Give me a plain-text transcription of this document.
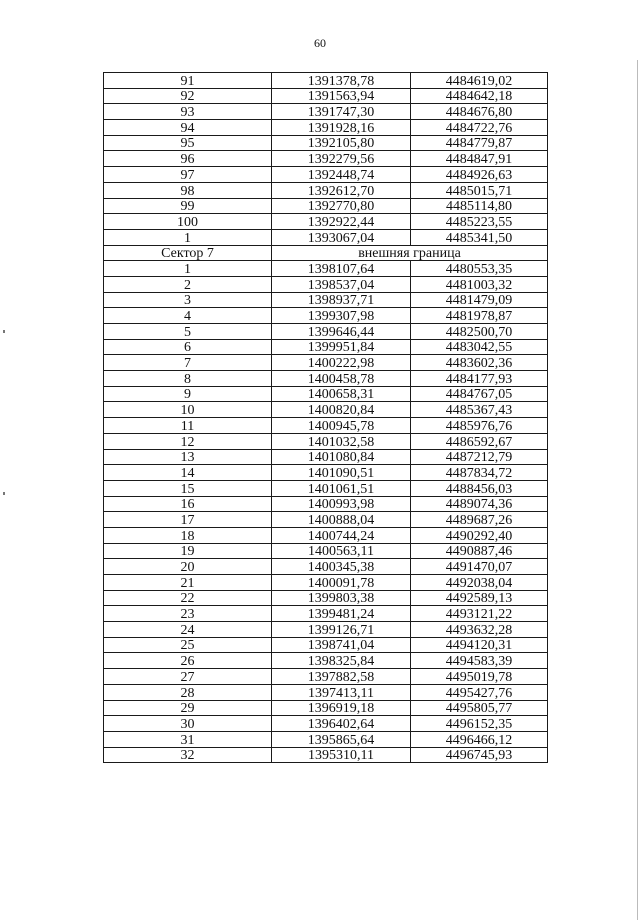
60
91	1391378,78	4484619,02
92	1391563,94	4484642,18
93	1391747,30	4484676,80
94	1391928,16	4484722,76
95	1392105,80	4484779,87
96	1392279,56	4484847,91
97	1392448,74	4484926,63
98	1392612,70	4485015,71
99	1392770,80	4485114,80
100	1392922,44	4485223,55
1	1393067,04	4485341,50
Сектор 7	внешняя граница	
1	1398107,64	4480553,35
2	1398537,04	4481003,32
3	1398937,71	4481479,09
4	1399307,98	4481978,87
5	1399646,44	4482500,70
6	1399951,84	4483042,55
7	1400222,98	4483602,36
8	1400458,78	4484177,93
9	1400658,31	4484767,05
10	1400820,84	4485367,43
11	1400945,78	4485976,76
12	1401032,58	4486592,67
13	1401080,84	4487212,79
14	1401090,51	4487834,72
15	1401061,51	4488456,03
16	1400993,98	4489074,36
17	1400888,04	4489687,26
18	1400744,24	4490292,40
19	1400563,11	4490887,46
20	1400345,38	4491470,07
21	1400091,78	4492038,04
22	1399803,38	4492589,13
23	1399481,24	4493121,22
24	1399126,71	4493632,28
25	1398741,04	4494120,31
26	1398325,84	4494583,39
27	1397882,58	4495019,78
28	1397413,11	4495427,76
29	1396919,18	4495805,77
30	1396402,64	4496152,35
31	1395865,64	4496466,12
32	1395310,11	4496745,93
